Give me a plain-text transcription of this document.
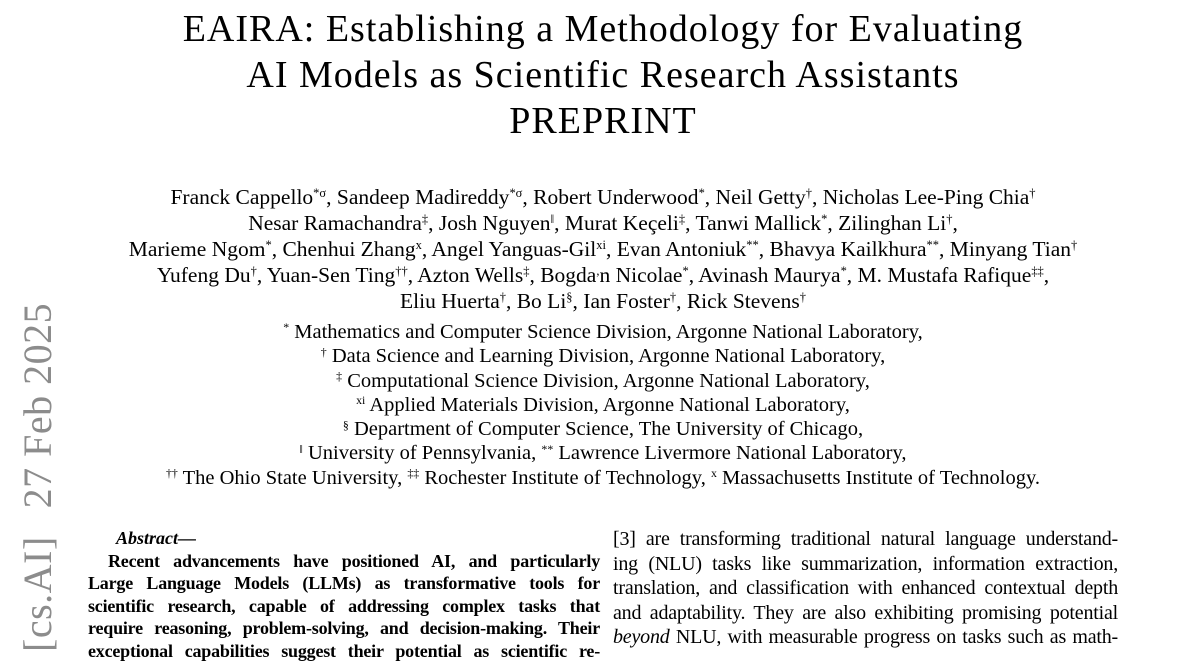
[cs.AI]27 Feb 2025
EAIRA: Establishing a Methodology for Evaluating
AI Models as Scientific Research Assistants
PREPRINT
Franck Cappello$^{*\sigma}$, Sandeep Madireddy$^{*\sigma}$, Robert Underwood*, Neil Getty†, Nicholas Lee-Ping Chia†
Nesar Ramachandra‡, Josh Nguyen‖, Murat Keçeli‡, Tanwi Mallick*, Zilinghan Li†,
Marieme Ngom*, Chenhui Zhang$^x$, Angel Yanguas-Gil$^{xi}$, Evan Antoniuk**, Bhavya Kailkhura**, Minyang Tian†
Yufeng Du†, Yuan-Sen Ting††, Azton Wells‡, Bogda,n Nicolae*, Avinash Maurya*, M. Mustafa Rafique‡‡,
Eliu Huerta†, Bo Li§, Ian Foster†, Rick Stevens†
* Mathematics and Computer Science Division, Argonne National Laboratory,
† Data Science and Learning Division, Argonne National Laboratory,
‡ Computational Science Division, Argonne National Laboratory,
$^{xi}$ Applied Materials Division, Argonne National Laboratory,
§ Department of Computer Science, The University of Chicago,
‖ University of Pennsylvania, ** Lawrence Livermore National Laboratory,
†† The Ohio State University, ‡‡ Rochester Institute of Technology, $^x$ Massachusetts Institute of Technology.
Abstract—
Recent advancements have positioned AI, and particularly
Large Language Models (LLMs) as transformative tools for
scientific research, capable of addressing complex tasks that
require reasoning, problem-solving, and decision-making. Their
exceptional capabilities suggest their potential as scientific re-
[3] are transforming traditional natural language understand-
ing (NLU) tasks like summarization, information extraction,
translation, and classification with enhanced contextual depth
and adaptability. They are also exhibiting promising potential
beyond NLU, with measurable progress on tasks such as math-
